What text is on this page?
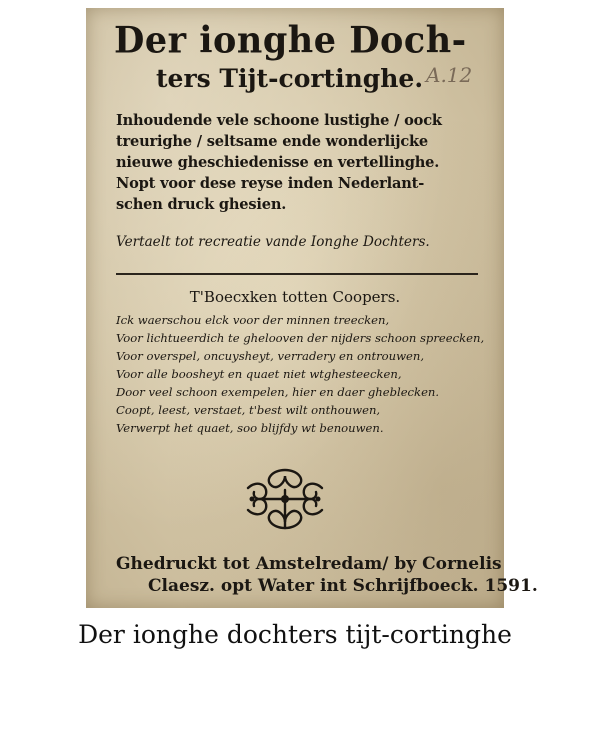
Der ionghe Doch-
ters Tijt-cortinghe. A.12
Inhoudende vele schoone lustighe / oock
treurighe / seltsame ende wonderlijcke
nieuwe gheschiedenisse en vertellinghe.
Nopt voor dese reyse inden Nederlant-
schen druck ghesien.
Vertaelt tot recreatie vande Ionghe Dochters.
T'Boecxken totten Coopers.
Ick waerschou elck voor der minnen treecken,
Voor lichtueerdich te ghelooven der nijders schoon spreecken,
Voor overspel, oncuysheyt, verradery en ontrouwen,
Voor alle boosheyt en quaet niet wtghesteecken,
Door veel schoon exempelen, hier en daer gheblecken.
Coopt, leest, verstaet, t'best wilt onthouwen,
Verwerpt het quaet, soo blijfdy wt benouwen.
Ghedruckt tot Amstelredam/ by Cornelis
Claesz. opt Water int Schrijfboeck. 1591.
Der ionghe dochters tijt-cortinghe
